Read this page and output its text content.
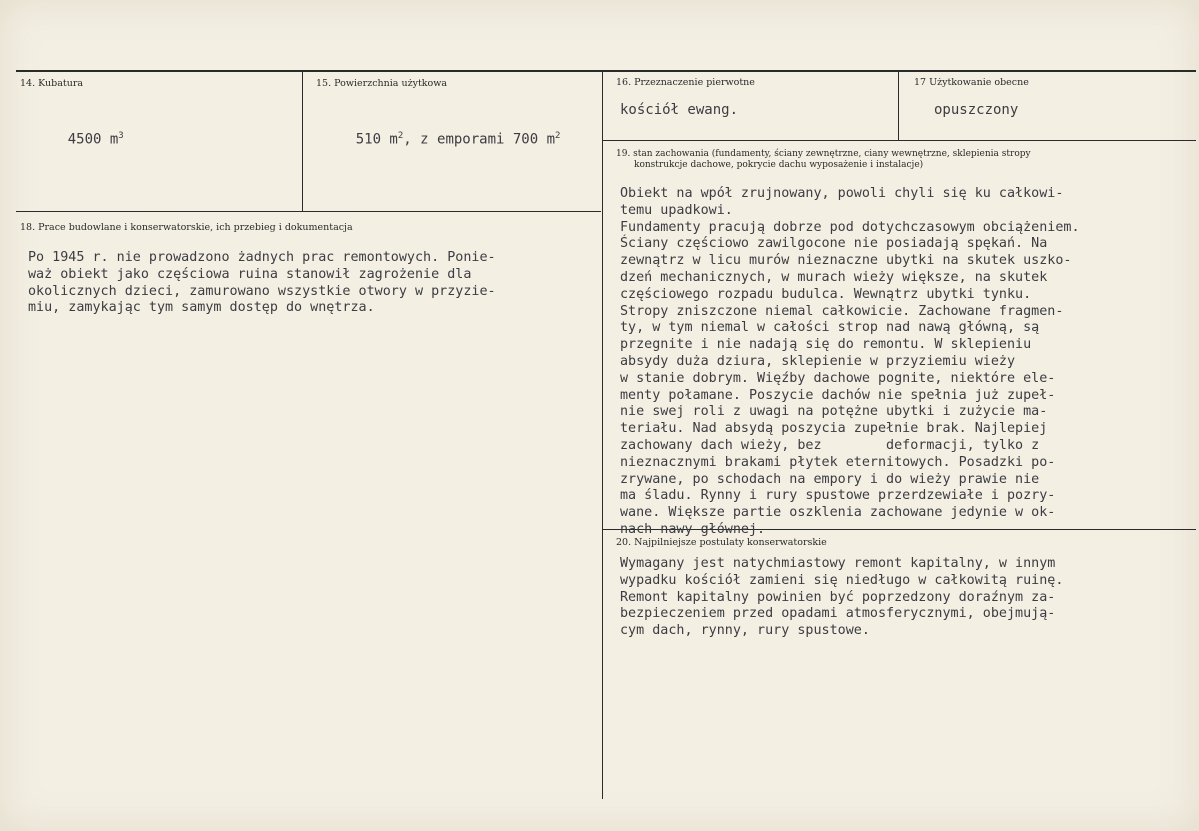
14. Kubatura

4500 $m^3$

15. Powierzchnia użytkowa

510 $m^2$, z emporami 700 $m^2$

16. Przeznaczenie pierwotne
kościół ewang.
17 Użytkowanie obecne
opuszczony
18. Prace budowlane i konserwatorskie, ich przebieg i dokumentacja
Po 1945 r. nie prowadzono żadnych prac remontowych. Ponie-
waż obiekt jako częściowa ruina stanowił zagrożenie dla
okolicznych dzieci, zamurowano wszystkie otwory w przyzie-
miu, zamykając tym samym dostęp do wnętrza.
19. stan zachowania (fundamenty, ściany zewnętrzne, ciany wewnętrzne, sklepienia stropy
konstrukcje dachowe, pokrycie dachu wyposażenie i instalacje)
Obiekt na wpół zrujnowany, powoli chyli się ku całkowi-
temu upadkowi.
Fundamenty pracują dobrze pod dotychczasowym obciążeniem.
Ściany częściowo zawilgocone nie posiadają spękań. Na
zewnątrz w licu murów nieznaczne ubytki na skutek uszko-
dzeń mechanicznych, w murach wieży większe, na skutek
częściowego rozpadu budulca. Wewnątrz ubytki tynku.
Stropy zniszczone niemal całkowicie. Zachowane fragmen-
ty, w tym niemal w całości strop nad nawą główną, są
przegnite i nie nadają się do remontu. W sklepieniu
absydy duża dziura, sklepienie w przyziemiu wieży
w stanie dobrym. Więźby dachowe pognite, niektóre ele-
menty połamane. Poszycie dachów nie spełnia już zupeł-
nie swej roli z uwagi na potężne ubytki i zużycie ma-
teriału. Nad absydą poszycia zupełnie brak. Najlepiej
zachowany dach wieży, bez        deformacji, tylko z
nieznacznymi brakami płytek eternitowych. Posadzki po-
zrywane, po schodach na empory i do wieży prawie nie
ma śladu. Rynny i rury spustowe przerdzewiałe i pozry-
wane. Większe partie oszklenia zachowane jedynie w ok-
nach nawy głównej.
20. Najpilniejsze postulaty konserwatorskie
Wymagany jest natychmiastowy remont kapitalny, w innym
wypadku kościół zamieni się niedługo w całkowitą ruinę.
Remont kapitalny powinien być poprzedzony doraźnym za-
bezpieczeniem przed opadami atmosferycznymi, obejmują-
cym dach, rynny, rury spustowe.
